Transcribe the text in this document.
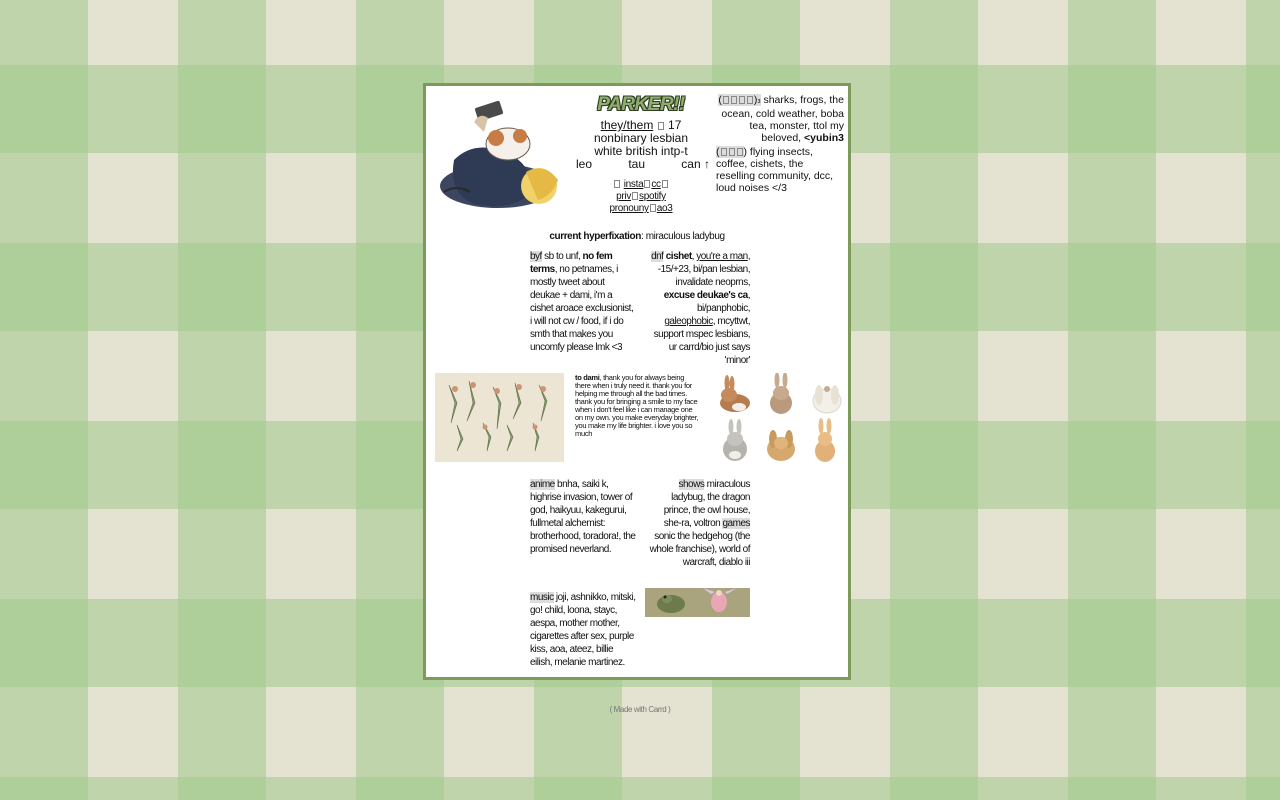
PARKER!!
they/them 17
nonbinary lesbian
white british intp-t
leo	tau	can ↑
insta cc
priv spotify
pronouny ao3
(	)з sharks, frogs, the ocean, cold weather, boba tea, monster, ttol my beloved, <yubin3
( ) flying insects, coffee, cishets, the reselling community, dcc, loud noises </3
current hyperfixation: miraculous ladybug
byf sb to unf, no fem terms, no petnames, i mostly tweet about deukae + dami, i'm a cishet aroace exclusionist, i will not cw / food, if i do smth that makes you uncomfy please lmk <3
dnf cishet, you're a man, -15/+23, bi/pan lesbian, invalidate neoprns, excuse deukae's ca, bi/panphobic, galeophobic, mcyttwt, support mspec lesbians, ur carrd/bio just says 'minor'
to dami, thank you for always being there when i truly need it. thank you for helping me through all the bad times. thank you for bringing a smile to my face when i don't feel like i can manage one on my own. you make everyday brighter, you make my life brighter. i love you so much
anime bnha, saiki k, highrise invasion, tower of god, haikyuu, kakegurui, fullmetal alchemist: brotherhood, toradora!, the promised neverland.
shows miraculous ladybug, the dragon prince, the owl house, she-ra, voltron games sonic the hedgehog (the whole franchise), world of warcraft, diablo iii
music joji, ashnikko, mitski, go! child, loona, stayc, aespa, mother mother, cigarettes after sex, purple kiss, aoa, ateez, billie eilish, melanie martinez.
( Made with Carrd )
